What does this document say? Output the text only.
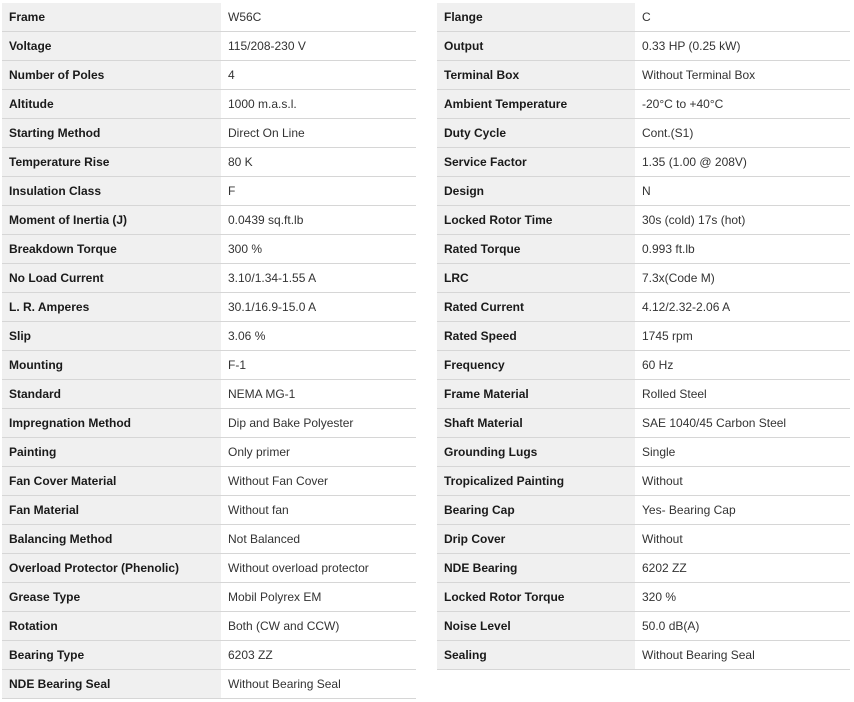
Frame	W56C
Voltage	115/208-230 V
Number of Poles	4
Altitude	1000 m.a.s.l.
Starting Method	Direct On Line
Temperature Rise	80 K
Insulation Class	F
Moment of Inertia (J)	0.0439 sq.ft.lb
Breakdown Torque	300 %
No Load Current	3.10/1.34-1.55 A
L. R. Amperes	30.1/16.9-15.0 A
Slip	3.06 %
Mounting	F-1
Standard	NEMA MG-1
Impregnation Method	Dip and Bake Polyester
Painting	Only primer
Fan Cover Material	Without Fan Cover
Fan Material	Without fan
Balancing Method	Not Balanced
Overload Protector (Phenolic)	Without overload protector
Grease Type	Mobil Polyrex EM
Rotation	Both (CW and CCW)
Bearing Type	6203 ZZ
NDE Bearing Seal	Without Bearing Seal
Flange	C
Output	0.33 HP (0.25 kW)
Terminal Box	Without Terminal Box
Ambient Temperature	-20°C to +40°C
Duty Cycle	Cont.(S1)
Service Factor	1.35 (1.00 @ 208V)
Design	N
Locked Rotor Time	30s (cold) 17s (hot)
Rated Torque	0.993 ft.lb
LRC	7.3x(Code M)
Rated Current	4.12/2.32-2.06 A
Rated Speed	1745 rpm
Frequency	60 Hz
Frame Material	Rolled Steel
Shaft Material	SAE 1040/45 Carbon Steel
Grounding Lugs	Single
Tropicalized Painting	Without
Bearing Cap	Yes- Bearing Cap
Drip Cover	Without
NDE Bearing	6202 ZZ
Locked Rotor Torque	320 %
Noise Level	50.0 dB(A)
Sealing	Without Bearing Seal
